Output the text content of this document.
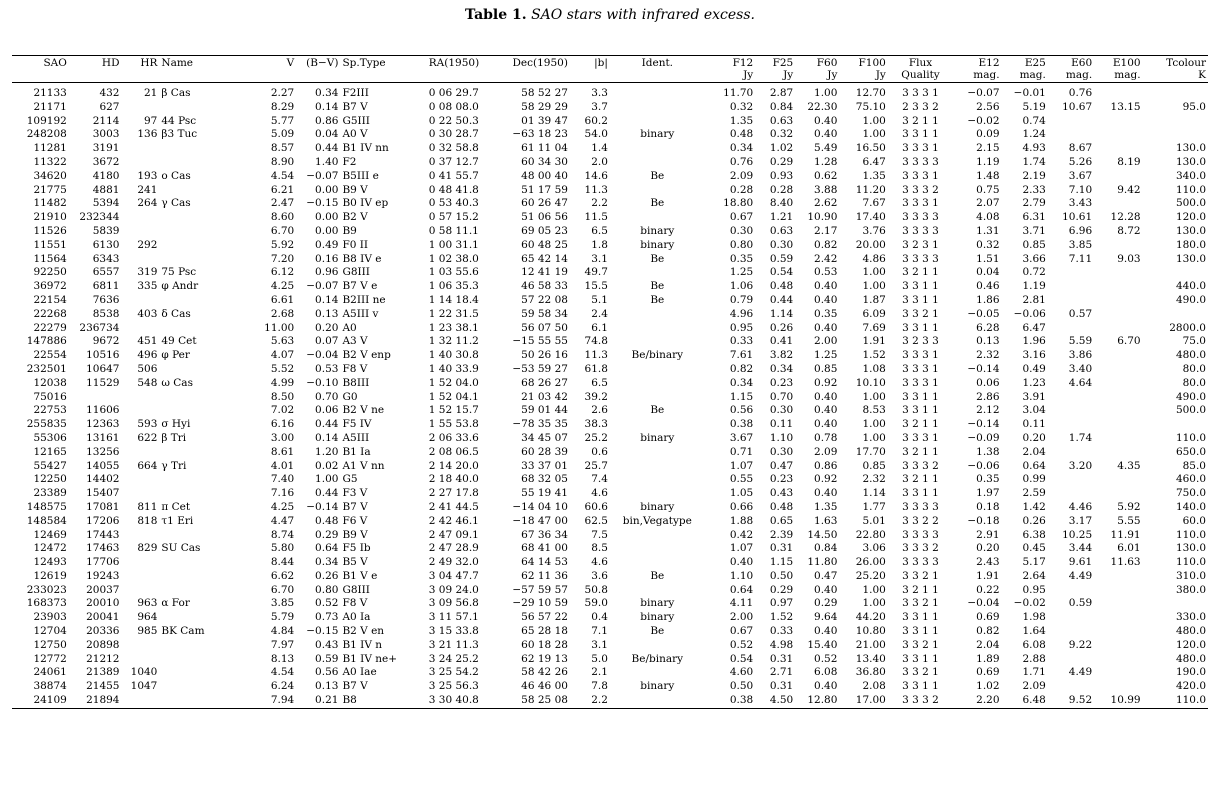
Table 1. SAO stars with infrared excess.
SAO	HD	HR	Name	V	(B−V)	Sp.Type	RA(1950)	Dec(1950)	|b|	Ident.	F12	F25	F60	F100	Flux	E12	E25	E60	E100	Tcolour
											Jy	Jy	Jy	Jy	Quality	mag.	mag.	mag.	mag.	K
21133	432	21	β Cas	2.27	0.34	F2III	0 06 29.7	58 52 27	3.3		11.70	2.87	1.00	12.70	3 3 3 1	−0.07	−0.01	0.76		
21171	627			8.29	0.14	B7 V	0 08 08.0	58 29 29	3.7		0.32	0.84	22.30	75.10	2 3 3 2	2.56	5.19	10.67	13.15	95.0
109192	2114	97	44 Psc	5.77	0.86	G5III	0 22 50.3	01 39 47	60.2		1.35	0.63	0.40	1.00	3 2 1 1	−0.02	0.74			
248208	3003	136	β3 Tuc	5.09	0.04	A0 V	0 30 28.7	−63 18 23	54.0	binary	0.48	0.32	0.40	1.00	3 3 1 1	0.09	1.24			
11281	3191			8.57	0.44	B1 IV nn	0 32 58.8	61 11 04	1.4		0.34	1.02	5.49	16.50	3 3 3 1	2.15	4.93	8.67		130.0
11322	3672			8.90	1.40	F2	0 37 12.7	60 34 30	2.0		0.76	0.29	1.28	6.47	3 3 3 3	1.19	1.74	5.26	8.19	130.0
34620	4180	193	o Cas	4.54	−0.07	B5III e	0 41 55.7	48 00 40	14.6	Be	2.09	0.93	0.62	1.35	3 3 3 1	1.48	2.19	3.67		340.0
21775	4881	241		6.21	0.00	B9 V	0 48 41.8	51 17 59	11.3		0.28	0.28	3.88	11.20	3 3 3 2	0.75	2.33	7.10	9.42	110.0
11482	5394	264	γ Cas	2.47	−0.15	B0 IV ep	0 53 40.3	60 26 47	2.2	Be	18.80	8.40	2.62	7.67	3 3 3 1	2.07	2.79	3.43		500.0
21910	232344			8.60	0.00	B2 V	0 57 15.2	51 06 56	11.5		0.67	1.21	10.90	17.40	3 3 3 3	4.08	6.31	10.61	12.28	120.0
11526	5839			6.70	0.00	B9	0 58 11.1	69 05 23	6.5	binary	0.30	0.63	2.17	3.76	3 3 3 3	1.31	3.71	6.96	8.72	130.0
11551	6130	292		5.92	0.49	F0 II	1 00 31.1	60 48 25	1.8	binary	0.80	0.30	0.82	20.00	3 2 3 1	0.32	0.85	3.85		180.0
11564	6343			7.20	0.16	B8 IV e	1 02 38.0	65 42 14	3.1	Be	0.35	0.59	2.42	4.86	3 3 3 3	1.51	3.66	7.11	9.03	130.0
92250	6557	319	75 Psc	6.12	0.96	G8III	1 03 55.6	12 41 19	49.7		1.25	0.54	0.53	1.00	3 2 1 1	0.04	0.72			
36972	6811	335	φ Andr	4.25	−0.07	B7 V e	1 06 35.3	46 58 33	15.5	Be	1.06	0.48	0.40	1.00	3 3 1 1	0.46	1.19			440.0
22154	7636			6.61	0.14	B2III ne	1 14 18.4	57 22 08	5.1	Be	0.79	0.44	0.40	1.87	3 3 1 1	1.86	2.81			490.0
22268	8538	403	δ Cas	2.68	0.13	A5III v	1 22 31.5	59 58 34	2.4		4.96	1.14	0.35	6.09	3 3 2 1	−0.05	−0.06	0.57		
22279	236734			11.00	0.20	A0	1 23 38.1	56 07 50	6.1		0.95	0.26	0.40	7.69	3 3 1 1	6.28	6.47			2800.0
147886	9672	451	49 Cet	5.63	0.07	A3 V	1 32 11.2	−15 55 55	74.8		0.33	0.41	2.00	1.91	3 2 3 3	0.13	1.96	5.59	6.70	75.0
22554	10516	496	φ Per	4.07	−0.04	B2 V enp	1 40 30.8	50 26 16	11.3	Be/binary	7.61	3.82	1.25	1.52	3 3 3 1	2.32	3.16	3.86		480.0
232501	10647	506		5.52	0.53	F8 V	1 40 33.9	−53 59 27	61.8		0.82	0.34	0.85	1.08	3 3 3 1	−0.14	0.49	3.40		80.0
12038	11529	548	ω Cas	4.99	−0.10	B8III	1 52 04.0	68 26 27	6.5		0.34	0.23	0.92	10.10	3 3 3 1	0.06	1.23	4.64		80.0
75016				8.50	0.70	G0	1 52 04.1	21 03 42	39.2		1.15	0.70	0.40	1.00	3 3 1 1	2.86	3.91			490.0
22753	11606			7.02	0.06	B2 V ne	1 52 15.7	59 01 44	2.6	Be	0.56	0.30	0.40	8.53	3 3 1 1	2.12	3.04			500.0
255835	12363	593	σ Hyi	6.16	0.44	F5 IV	1 55 53.8	−78 35 35	38.3		0.38	0.11	0.40	1.00	3 2 1 1	−0.14	0.11			
55306	13161	622	β Tri	3.00	0.14	A5III	2 06 33.6	34 45 07	25.2	binary	3.67	1.10	0.78	1.00	3 3 3 1	−0.09	0.20	1.74		110.0
12165	13256			8.61	1.20	B1 Ia	2 08 06.5	60 28 39	0.6		0.71	0.30	2.09	17.70	3 2 1 1	1.38	2.04			650.0
55427	14055	664	γ Tri	4.01	0.02	A1 V nn	2 14 20.0	33 37 01	25.7		1.07	0.47	0.86	0.85	3 3 3 2	−0.06	0.64	3.20	4.35	85.0
12250	14402			7.40	1.00	G5	2 18 40.0	68 32 05	7.4		0.55	0.23	0.92	2.32	3 2 1 1	0.35	0.99			460.0
23389	15407			7.16	0.44	F3 V	2 27 17.8	55 19 41	4.6		1.05	0.43	0.40	1.14	3 3 1 1	1.97	2.59			750.0
148575	17081	811	π Cet	4.25	−0.14	B7 V	2 41 44.5	−14 04 10	60.6	binary	0.66	0.48	1.35	1.77	3 3 3 3	0.18	1.42	4.46	5.92	140.0
148584	17206	818	τ1 Eri	4.47	0.48	F6 V	2 42 46.1	−18 47 00	62.5	bin,Vegatype	1.88	0.65	1.63	5.01	3 3 2 2	−0.18	0.26	3.17	5.55	60.0
12469	17443			8.74	0.29	B9 V	2 47 09.1	67 36 34	7.5		0.42	2.39	14.50	22.80	3 3 3 3	2.91	6.38	10.25	11.91	110.0
12472	17463	829	SU Cas	5.80	0.64	F5 Ib	2 47 28.9	68 41 00	8.5		1.07	0.31	0.84	3.06	3 3 3 2	0.20	0.45	3.44	6.01	130.0
12493	17706			8.44	0.34	B5 V	2 49 32.0	64 14 53	4.6		0.40	1.15	11.80	26.00	3 3 3 3	2.43	5.17	9.61	11.63	110.0
12619	19243			6.62	0.26	B1 V e	3 04 47.7	62 11 36	3.6	Be	1.10	0.50	0.47	25.20	3 3 2 1	1.91	2.64	4.49		310.0
233023	20037			6.70	0.80	G8III	3 09 24.0	−57 59 57	50.8		0.64	0.29	0.40	1.00	3 2 1 1	0.22	0.95			380.0
168373	20010	963	α For	3.85	0.52	F8 V	3 09 56.8	−29 10 59	59.0	binary	4.11	0.97	0.29	1.00	3 3 2 1	−0.04	−0.02	0.59		
23903	20041	964		5.79	0.73	A0 Ia	3 11 57.1	56 57 22	0.4	binary	2.00	1.52	9.64	44.20	3 3 1 1	0.69	1.98			330.0
12704	20336	985	BK Cam	4.84	−0.15	B2 V en	3 15 33.8	65 28 18	7.1	Be	0.67	0.33	0.40	10.80	3 3 1 1	0.82	1.64			480.0
12750	20898			7.97	0.43	B1 IV n	3 21 11.3	60 18 28	3.1		0.52	4.98	15.40	21.00	3 3 2 1	2.04	6.08	9.22		120.0
12772	21212			8.13	0.59	B1 IV ne+	3 24 25.2	62 19 13	5.0	Be/binary	0.54	0.31	0.52	13.40	3 3 1 1	1.89	2.88			480.0
24061	21389	1040		4.54	0.56	A0 Iae	3 25 54.2	58 42 26	2.1		4.60	2.71	6.08	36.80	3 3 2 1	0.69	1.71	4.49		190.0
38874	21455	1047		6.24	0.13	B7 V	3 25 56.3	46 46 00	7.8	binary	0.50	0.31	0.40	2.08	3 3 1 1	1.02	2.09			420.0
24109	21894			7.94	0.21	B8	3 30 40.8	58 25 08	2.2		0.38	4.50	12.80	17.00	3 3 3 2	2.20	6.48	9.52	10.99	110.0
